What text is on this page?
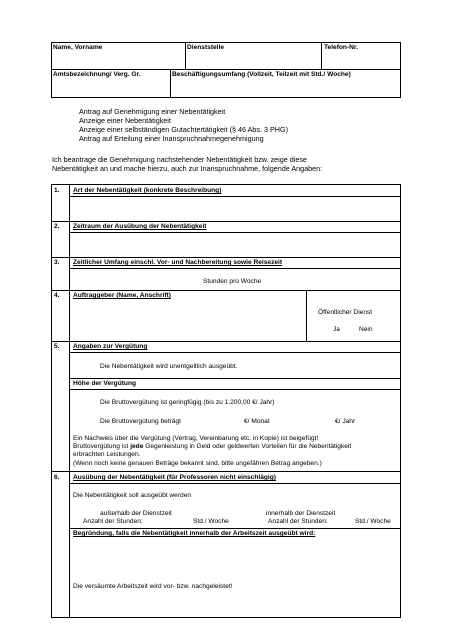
Name, Vorname	Dienststelle	Telefon-Nr.
Amtsbezeichnung/ Verg. Gr.	Beschäftigungsumfang (Vollzeit, Teilzeit mit Std./ Woche)
Antrag auf Genehmigung einer Nebentätigkeit
Anzeige einer Nebentätigkeit
Anzeige einer selbständigen Gutachtertätigkeit (§ 46 Abs. 3 PHG)
Antrag auf Erteilung einer Inanspruchnahmegenehmigung
Ich beantrage die Genehmigung nachstehender Nebentätigkeit bzw. zeige diese
Nebentätigkeit an und mache hierzu, auch zur Inanspruchnahme, folgende Angaben:
1. Art der Nebentätigkeit (konkrete Beschreibung)
2. Zeitraum der Ausübung der Nebentätigkeit
3. Zeitlicher Umfang einschl. Vor- und Nachbereitung sowie Reisezeit
Stunden pro Woche
4. Auftraggeber (Name, Anschrift)
Öffentlicher Dienst
Ja	Nein
5. Angaben zur Vergütung
Die Nebentätigkeit wird unentgeltlich ausgeübt.
Höhe der Vergütung
Die Bruttovergütung ist geringfügig (bis zu 1.200,00 €/ Jahr)
Die Bruttovergütung beträgt	€/ Monat	€/ Jahr
Ein Nachweis über die Vergütung (Vertrag, Vereinbarung etc. in Kopie) ist beigefügt!
Bruttovergütung ist jede Gegenleistung in Geld oder geldwerten Vorteilen für die Nebentätigkeit
erbrachten Leistungen.
(Wenn noch keine genauen Beträge bekannt sind, bitte ungefähren Betrag angeben.)
6. Ausübung der Nebentätigkeit (für Professoren nicht einschlägig)
Die Nebentätigkeit soll ausgeübt werden
außerhalb der Dienstzeit	innerhalb der Dienstzeit
Anzahl der Stunden:	Std./ Woche	Anzahl der Stunden:	Std./ Woche
Begründung, falls die Nebentätigkeit innerhalb der Arbeitszeit ausgeübt wird:
Die versäumte Arbeitszeit wird vor- bzw. nachgeleistet!
